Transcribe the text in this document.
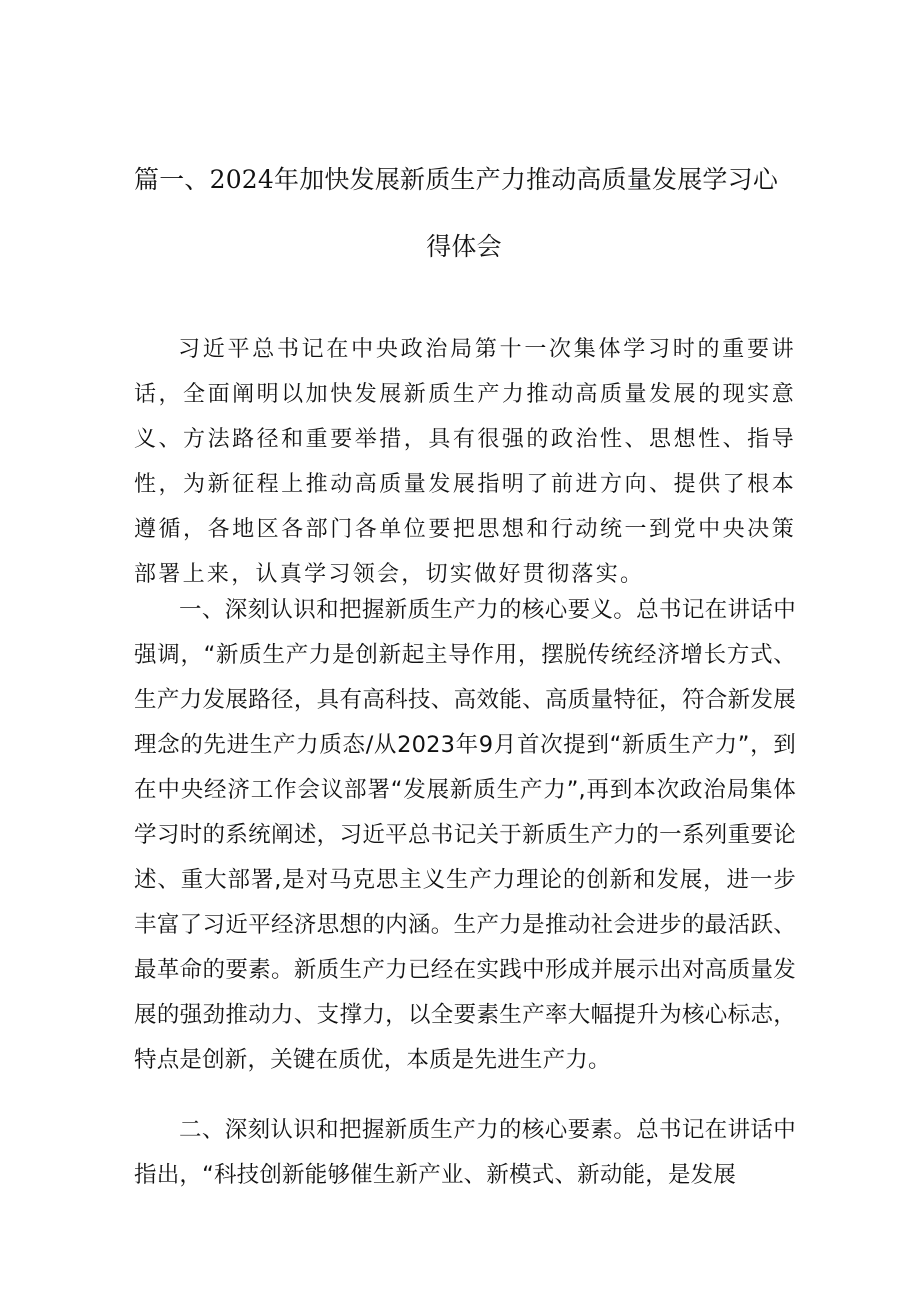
篇一、2024年加快发展新质生产力推动高质量发展学习心
得体会

习近平总书记在中央政治局第十一次集体学习时的重要讲话，全面阐明以加快发展新质生产力推动高质量发展的现实意义、方法路径和重要举措，具有很强的政治性、思想性、指导性，为新征程上推动高质量发展指明了前进方向、提供了根本遵循，各地区各部门各单位要把思想和行动统一到党中央决策部署上来，认真学习领会，切实做好贯彻落实。

一、深刻认识和把握新质生产力的核心要义。总书记在讲话中强调，“新质生产力是创新起主导作用，摆脱传统经济增长方式、生产力发展路径，具有高科技、高效能、高质量特征，符合新发展理念的先进生产力质态/从2023年9月首次提到“新质生产力”，到在中央经济工作会议部署“发展新质生产力”,再到本次政治局集体学习时的系统阐述，习近平总书记关于新质生产力的一系列重要论述、重大部署,是对马克思主义生产力理论的创新和发展，进一步丰富了习近平经济思想的内涵。生产力是推动社会进步的最活跃、最革命的要素。新质生产力已经在实践中形成并展示出对高质量发展的强劲推动力、支撑力，以全要素生产率大幅提升为核心标志，特点是创新，关键在质优，本质是先进生产力。

二、深刻认识和把握新质生产力的核心要素。总书记在讲话中指出，“科技创新能够催生新产业、新模式、新动能，是发展
